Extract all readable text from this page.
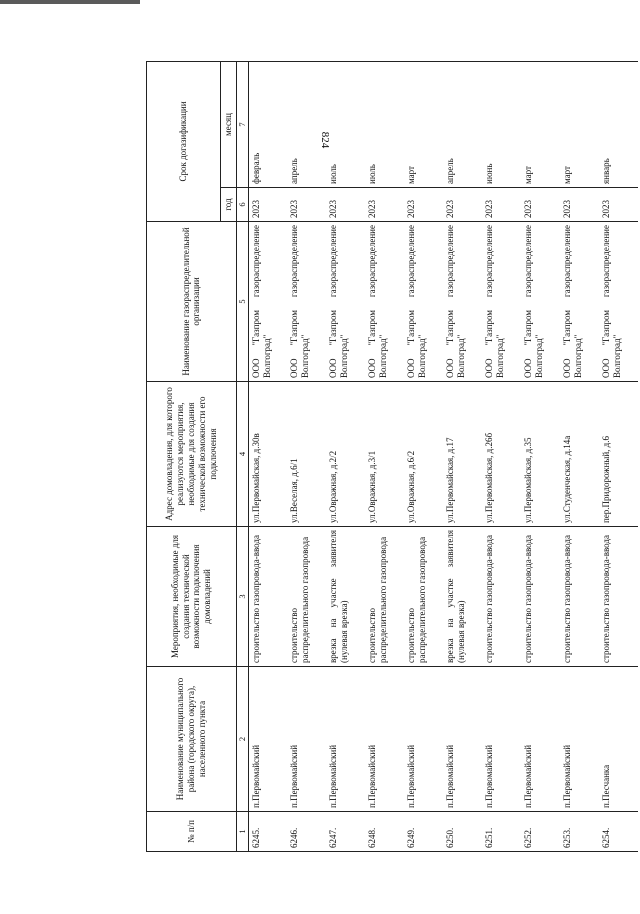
824
№ п/п	Наименование муниципального района (городского округа), населенного пункта	Мероприятия, необходимые для создания технической возможности подключения домовладений	Адрес домовладения, для которого реализуются мероприятия, необходимые для создания технической возможности его подключения	Наименование газораспределительной организации	Срок догазификации	
					год	месяц
1	2	3	4	5	6	7
6245.	п.Первомайский	строительство газопровода-ввода	ул.Первомайская, д.30в	ООО "Газпром газораспределение Волгоград"	2023	февраль
6246.	п.Первомайский	строительство распределительного газопровода	ул.Веселая, д.6/1	ООО "Газпром газораспределение Волгоград"	2023	апрель
6247.	п.Первомайский	врезка на участке заявителя (нулевая врезка)	ул.Овражная, д.2/2	ООО "Газпром газораспределение Волгоград"	2023	июль
6248.	п.Первомайский	строительство распределительного газопровода	ул.Овражная, д.3/1	ООО "Газпром газораспределение Волгоград"	2023	июль
6249.	п.Первомайский	строительство распределительного газопровода	ул.Овражная, д.6/2	ООО "Газпром газораспределение Волгоград"	2023	март
6250.	п.Первомайский	врезка на участке заявителя (нулевая врезка)	ул.Первомайская, д.17	ООО "Газпром газораспределение Волгоград"	2023	апрель
6251.	п.Первомайский	строительство газопровода-ввода	ул.Первомайская, д.26б	ООО "Газпром газораспределение Волгоград"	2023	июнь
6252.	п.Первомайский	строительство газопровода-ввода	ул.Первомайская, д.35	ООО "Газпром газораспределение Волгоград"	2023	март
6253.	п.Первомайский	строительство газопровода-ввода	ул.Студенческая, д.14а	ООО "Газпром газораспределение Волгоград"	2023	март
6254.	п.Песчанка	строительство газопровода-ввода	пер.Придорожный, д.6	ООО "Газпром газораспределение Волгоград"	2023	январь
